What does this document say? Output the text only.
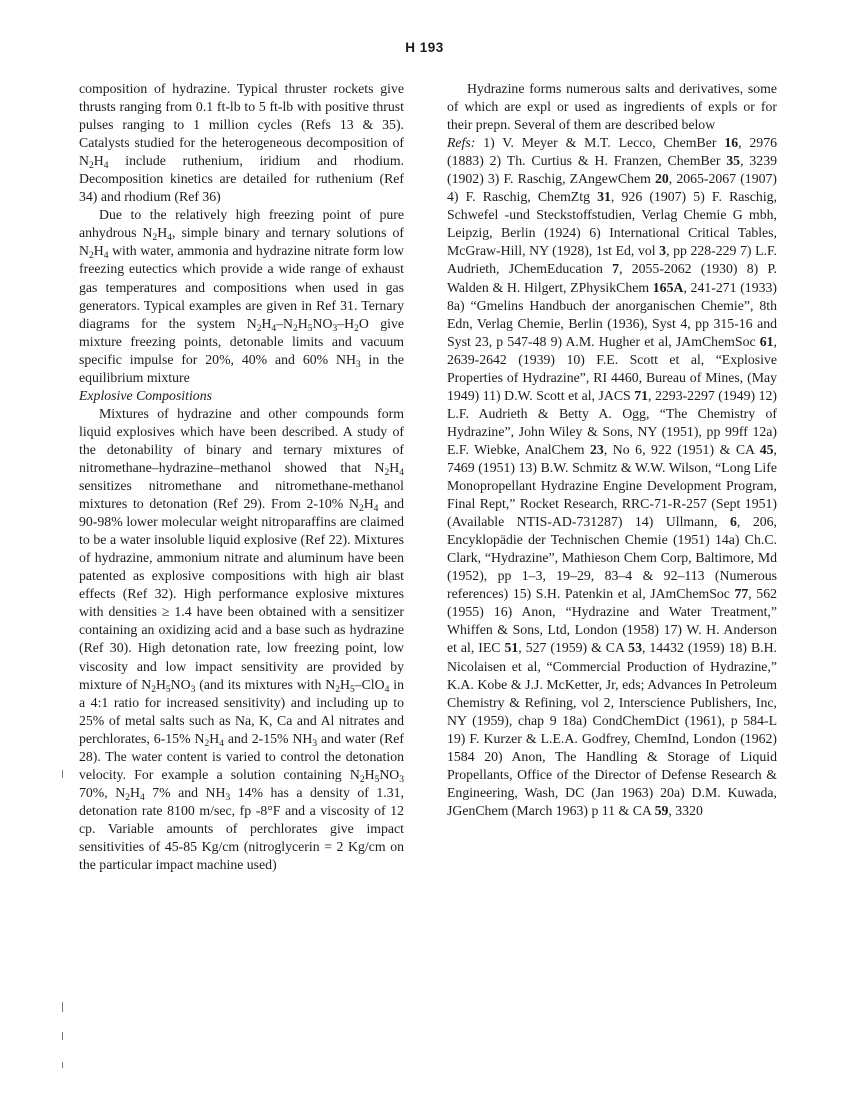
H 193

composition of hydrazine. Typical thruster rockets give thrusts ranging from 0.1 ft-lb to 5 ft-lb with positive thrust pulses ranging to 1 million cycles (Refs 13 & 35). Catalysts studied for the heterogeneous decomposition of $N_2H_4$ include ruthenium, iridium and rhodium. Decomposition kinetics are detailed for ruthenium (Ref 34) and rhodium (Ref 36)

Due to the relatively high freezing point of pure anhydrous $N_2H_4$, simple binary and ternary solutions of $N_2H_4$ with water, ammonia and hydrazine nitrate form low freezing eutectics which provide a wide range of exhaust gas temperatures and compositions when used in gas generators. Typical examples are given in Ref 31. Ternary diagrams for the system $N_2H_4-N_2H_5NO_3-H_2O$ give mixture freezing points, detonable limits and vacuum specific impulse for 20%, 40% and 60% $NH_3$ in the equilibrium mixture

Explosive Compositions

Mixtures of hydrazine and other compounds form liquid explosives which have been described. A study of the detonability of binary and ternary mixtures of nitromethane–hydrazine–methanol showed that $N_2H_4$ sensitizes nitromethane and nitromethane-methanol mixtures to detonation (Ref 29). From 2-10% $N_2H_4$ and 90-98% lower molecular weight nitroparaffins are claimed to be a water insoluble liquid explosive (Ref 22). Mixtures of hydrazine, ammonium nitrate and aluminum have been patented as explosive compositions with high air blast effects (Ref 32). High performance explosive mixtures with densities ≥ 1.4 have been obtained with a sensitizer containing an oxidizing acid and a base such as hydrazine (Ref 30). High detonation rate, low freezing point, low viscosity and low impact sensitivity are provided by mixture of $N_2H_5NO_3$ (and its mixtures with $N_2H_5-ClO_4$ in a 4:1 ratio for increased sensitivity) and including up to 25% of metal salts such as Na, K, Ca and Al nitrates and perchlorates, 6-15% $N_2H_4$ and 2-15% $NH_3$ and water (Ref 28). The water content is varied to control the detonation velocity. For example a solution containing $N_2H_5NO_3$ 70%, $N_2H_4$ 7% and $NH_3$ 14% has a density of 1.31, detonation rate 8100 m/sec, fp -8°F and a viscosity of 12 cp. Variable amounts of perchlorates give impact sensitivities of 45-85 Kg/cm (nitroglycerin = 2 Kg/cm on the particular impact machine used)

Hydrazine forms numerous salts and derivatives, some of which are expl or used as ingredients of expls or for their prepn. Several of them are described below

Refs: 1) V. Meyer & M.T. Lecco, ChemBer 16, 2976 (1883) 2) Th. Curtius & H. Franzen, ChemBer 35, 3239 (1902) 3) F. Raschig, ZAngewChem 20, 2065-2067 (1907) 4) F. Raschig, ChemZtg 31, 926 (1907) 5) F. Raschig, Schwefel -und Steckstoffstudien, Verlag Chemie G mbh, Leipzig, Berlin (1924) 6) International Critical Tables, McGraw-Hill, NY (1928), 1st Ed, vol 3, pp 228-229 7) L.F. Audrieth, JChemEducation 7, 2055-2062 (1930) 8) P. Walden & H. Hilgert, ZPhysikChem 165A, 241-271 (1933) 8a) “Gmelins Handbuch der anorganischen Chemie”, 8th Edn, Verlag Chemie, Berlin (1936), Syst 4, pp 315-16 and Syst 23, p 547-48 9) A.M. Hugher et al, JAmChemSoc 61, 2639-2642 (1939) 10) F.E. Scott et al, “Explosive Properties of Hydrazine”, RI 4460, Bureau of Mines, (May 1949) 11) D.W. Scott et al, JACS 71, 2293-2297 (1949) 12) L.F. Audrieth & Betty A. Ogg, “The Chemistry of Hydrazine”, John Wiley & Sons, NY (1951), pp 99ff 12a) E.F. Wiebke, AnalChem 23, No 6, 922 (1951) & CA 45, 7469 (1951) 13) B.W. Schmitz & W.W. Wilson, “Long Life Monopropellant Hydrazine Engine Development Program, Final Rept,” Rocket Research, RRC-71-R-257 (Sept 1951) (Available NTIS-AD-731287) 14) Ullmann, 6, 206, Encyklopädie der Technischen Chemie (1951) 14a) Ch.C. Clark, “Hydrazine”, Mathieson Chem Corp, Baltimore, Md (1952), pp 1–3, 19–29, 83–4 & 92–113 (Numerous references) 15) S.H. Patenkin et al, JAmChemSoc 77, 562 (1955) 16) Anon, “Hydrazine and Water Treatment,” Whiffen & Sons, Ltd, London (1958) 17) W. H. Anderson et al, IEC 51, 527 (1959) & CA 53, 14432 (1959) 18) B.H. Nicolaisen et al, “Commercial Production of Hydrazine,” K.A. Kobe & J.J. McKetter, Jr, eds; Advances In Petroleum Chemistry & Refining, vol 2, Interscience Publishers, Inc, NY (1959), chap 9 18a) CondChemDict (1961), p 584-L 19) F. Kurzer & L.E.A. Godfrey, ChemInd, London (1962) 1584 20) Anon, The Handling & Storage of Liquid Propellants, Office of the Director of Defense Research & Engineering, Wash, DC (Jan 1963) 20a) D.M. Kuwada, JGenChem (March 1963) p 11 & CA 59, 3320
